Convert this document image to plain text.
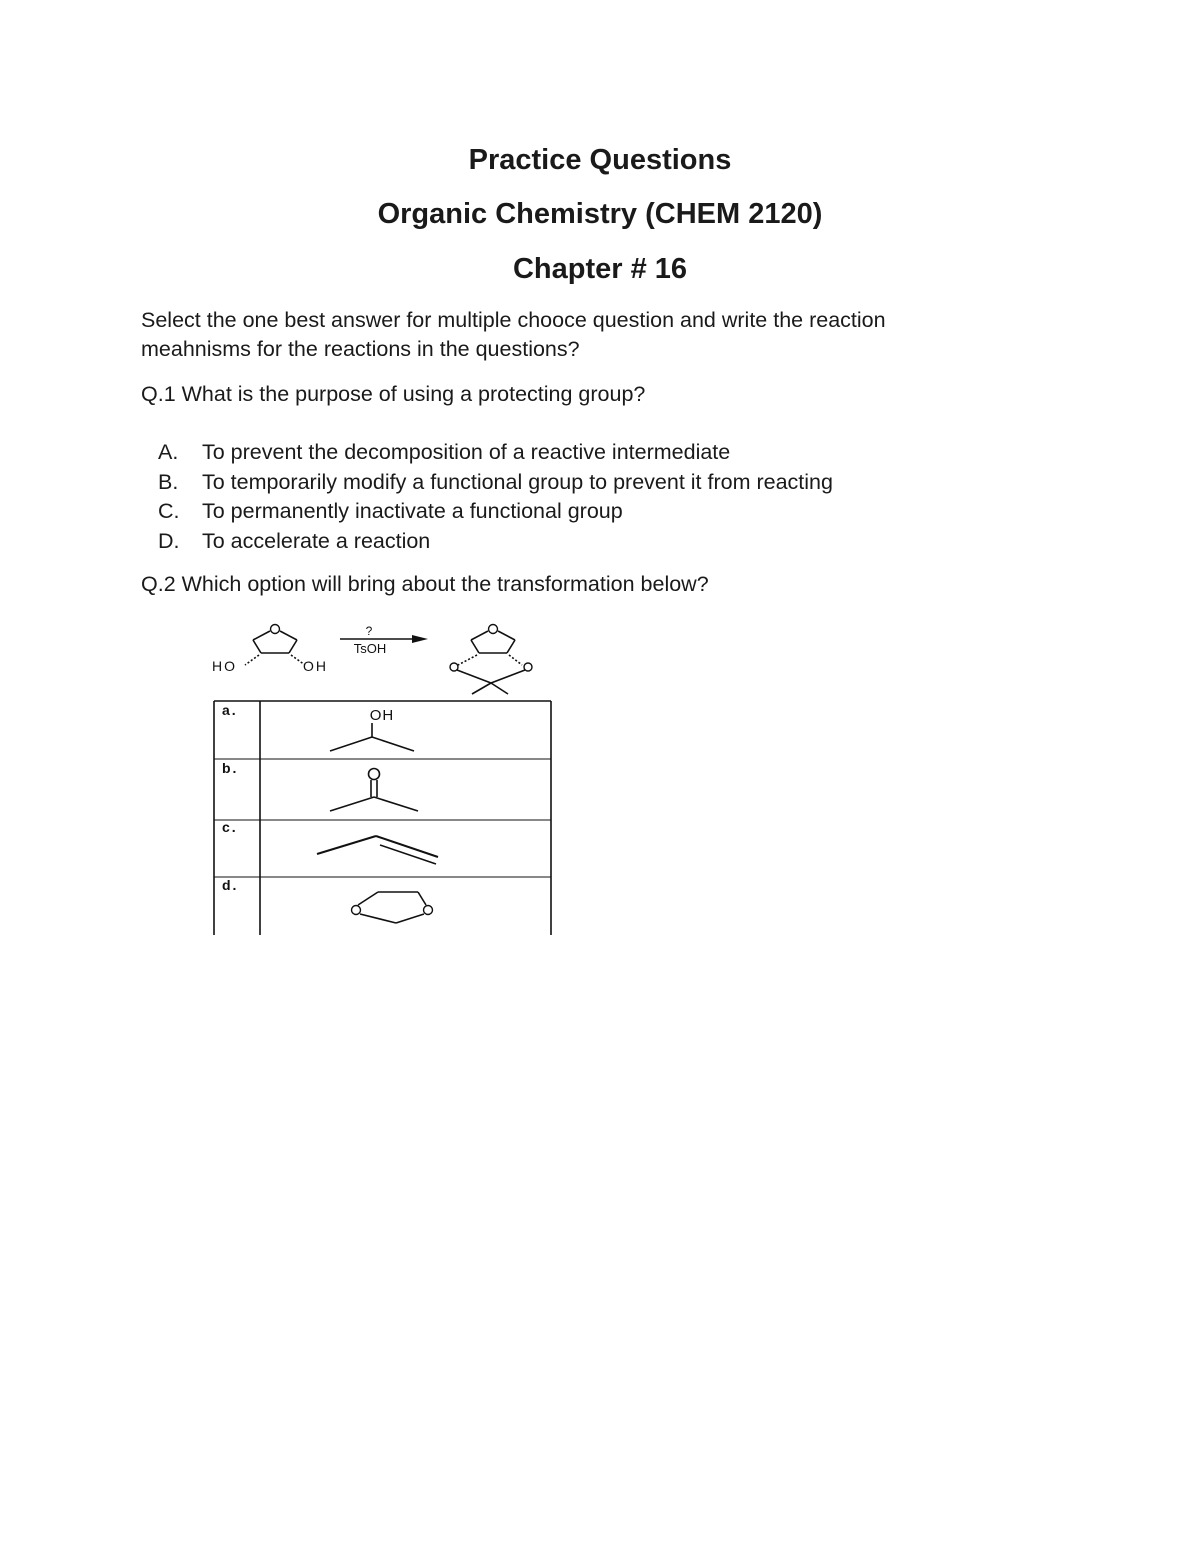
Practice Questions
Organic Chemistry (CHEM 2120)
Chapter # 16

Select the one best answer for multiple chooce question and write the reaction meahnisms for the reactions in the questions?

Q.1 What is the purpose of using a protecting group?

A.	To prevent the decomposition of a reactive intermediate
B.	To temporarily modify a functional group to prevent it from reacting
C.	To permanently inactivate a functional group
D.	To accelerate a reaction

Q.2 Which option will bring about the transformation below?

HO	OH
?
TsOH
a.	OH
b.
c.
d.
